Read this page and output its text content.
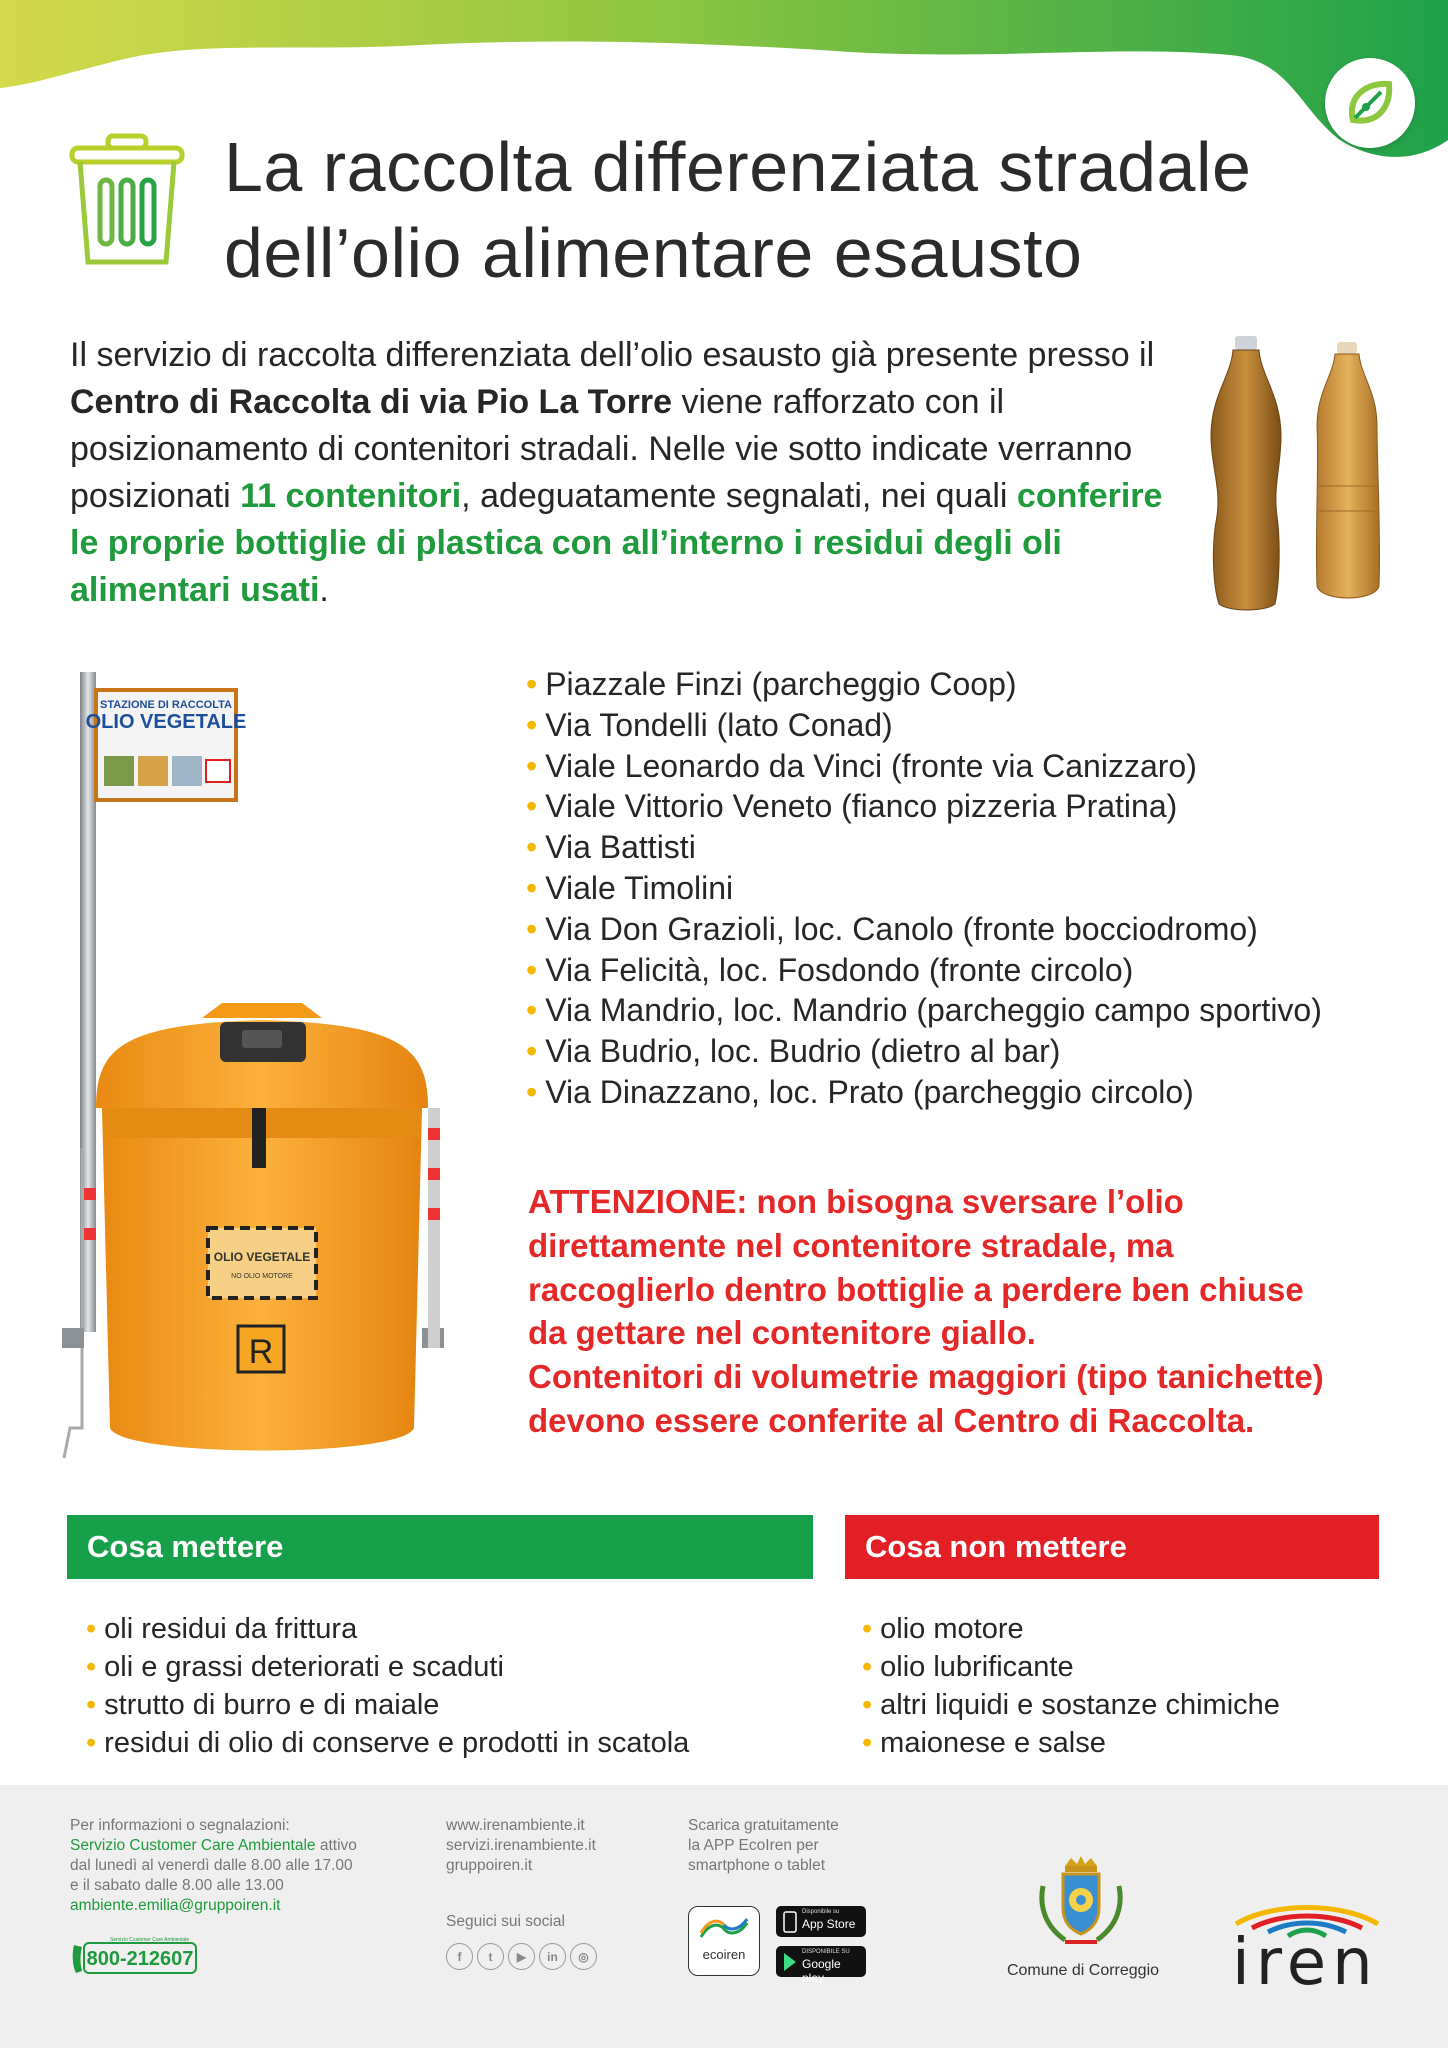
La raccolta differenziata stradale
dell’olio alimentare esausto
Il servizio di raccolta differenziata dell’olio esausto già presente presso il Centro di Raccolta di via Pio La Torre viene rafforzato con il posizionamento di contenitori stradali. Nelle vie sotto indicate verranno posizionati 11 contenitori, adeguatamente segnalati, nei quali conferire le proprie bottiglie di plastica con all’interno i residui degli oli alimentari usati.
STAZIONE DI RACCOLTA
OLIO VEGETALE
OLIO VEGETALE
NO OLIO MOTORE
R
• Piazzale Finzi (parcheggio Coop)
• Via Tondelli (lato Conad)
• Viale Leonardo da Vinci (fronte via Canizzaro)
• Viale Vittorio Veneto (fianco pizzeria Pratina)
• Via Battisti
• Viale Timolini
• Via Don Grazioli, loc. Canolo (fronte bocciodromo)
• Via Felicità, loc. Fosdondo (fronte circolo)
• Via Mandrio, loc. Mandrio (parcheggio campo sportivo)
• Via Budrio, loc. Budrio (dietro al bar)
• Via Dinazzano, loc. Prato (parcheggio circolo)
ATTENZIONE: non bisogna sversare l’olio
direttamente nel contenitore stradale, ma
raccoglierlo dentro bottiglie a perdere ben chiuse
da gettare nel contenitore giallo.
Contenitori di volumetrie maggiori (tipo tanichette)
devono essere conferite al Centro di Raccolta.
Cosa mettere	Cosa non mettere
• oli residui da frittura
• oli e grassi deteriorati e scaduti
• strutto di burro e di maiale
• residui di olio di conserve e prodotti in scatola
• olio motore
• olio lubrificante
• altri liquidi e sostanze chimiche
• maionese e salse
Per informazioni o segnalazioni:
Servizio Customer Care Ambientale attivo
dal lunedì al venerdì dalle 8.00 alle 17.00
e il sabato dalle 8.00 alle 13.00
ambiente.emilia@gruppoiren.it
Servizio Customer Care Ambientale
800-212607
www.irenambiente.it
servizi.irenambiente.it
gruppoiren.it
Seguici sui social
f	t	▶	in	◎
Scarica gratuitamente
la APP EcoIren per
smartphone o tablet
ecoiren
Disponibile su
App Store
DISPONIBILE SU
Google play	Comune di Correggio iren
